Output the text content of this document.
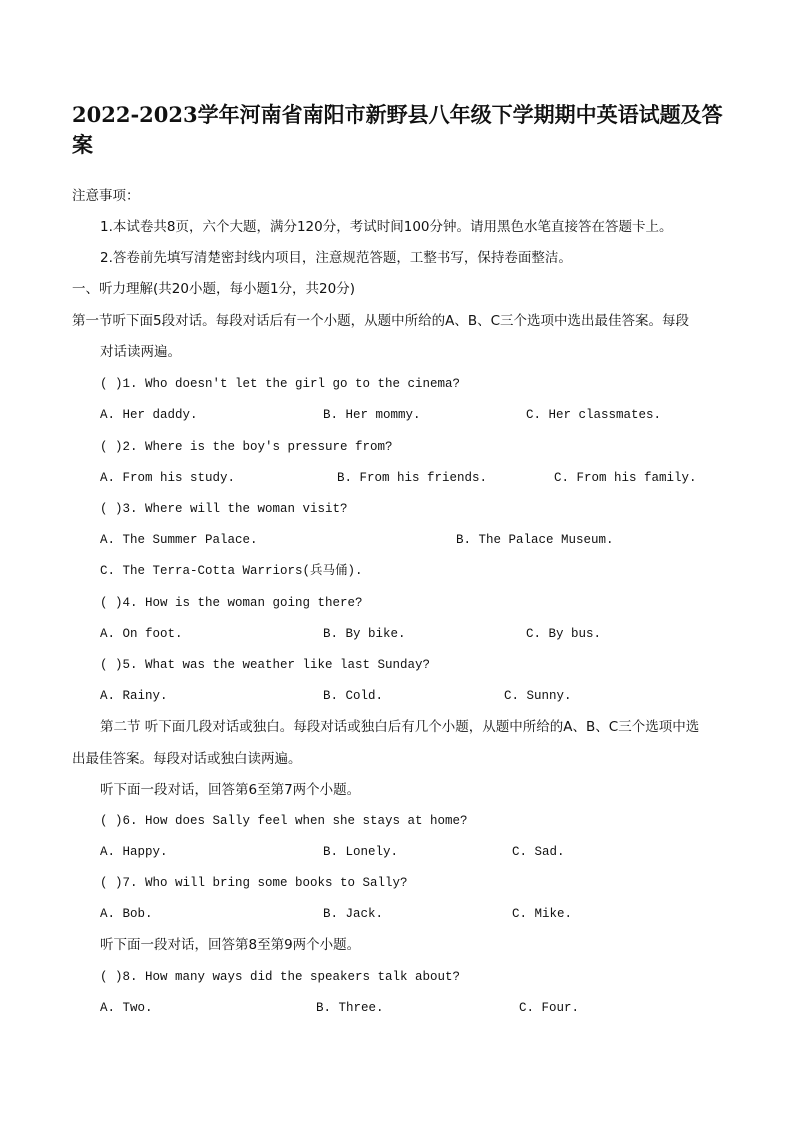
2022-2023学年河南省南阳市新野县八年级下学期期中英语试题及答
案
注意事项：
1.本试卷共8页，六个大题，满分120分，考试时间100分钟。请用黑色水笔直接答在答题卡上。
2.答卷前先填写清楚密封线内项目，注意规范答题，工整书写，保持卷面整洁。
一、听力理解(共20小题，每小题1分，共20分)
第一节听下面5段对话。每段对话后有一个小题，从题中所给的A、B、C三个选项中选出最佳答案。每段
对话读两遍。
( )1. Who doesn't let the girl go to the cinema?
A. Her daddy.	B. Her mommy.	C. Her classmates.
( )2. Where is the boy's pressure from?
A. From his study.	B. From his friends.	C. From his family.
( )3. Where will the woman visit?
A. The Summer Palace.	B. The Palace Museum.
C. The Terra-Cotta Warriors(兵马俑).
( )4. How is the woman going there?
A. On foot.	B. By bike.	C. By bus.
( )5. What was the weather like last Sunday?
A. Rainy.	B. Cold.	C. Sunny.
第二节 听下面几段对话或独白。每段对话或独白后有几个小题，从题中所给的A、B、C三个选项中选
出最佳答案。每段对话或独白读两遍。
听下面一段对话，回答第6至第7两个小题。
( )6. How does Sally feel when she stays at home?
A. Happy.	B. Lonely.	C. Sad.
( )7. Who will bring some books to Sally?
A. Bob.	B. Jack.	C. Mike.
听下面一段对话，回答第8至第9两个小题。
( )8. How many ways did the speakers talk about?
A. Two.	B. Three.	C. Four.
